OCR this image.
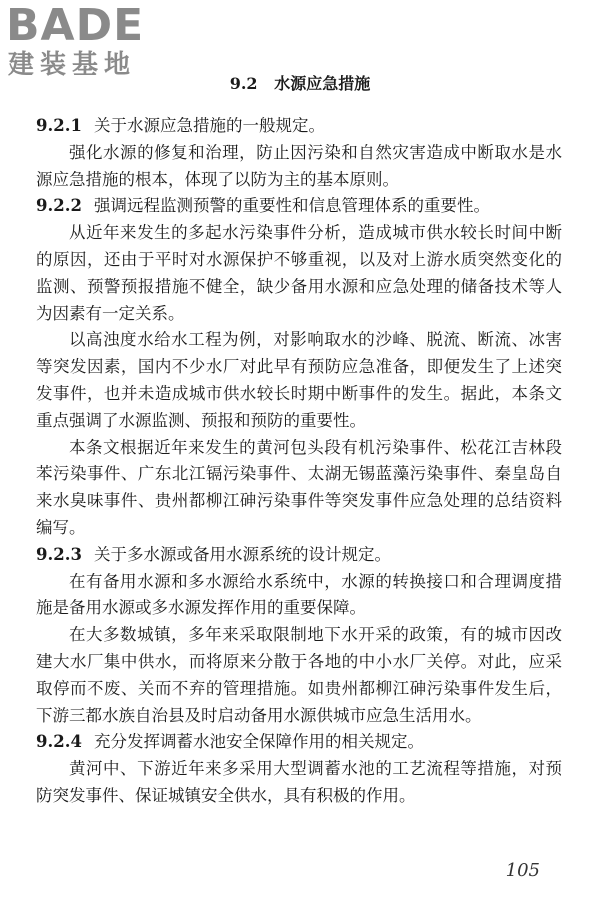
BADE
建装基地
9.2 水源应急措施

9.2.1 关于水源应急措施的一般规定。

强化水源的修复和治理，防止因污染和自然灾害造成中断取水是水源应急措施的根本，体现了以防为主的基本原则。

9.2.2 强调远程监测预警的重要性和信息管理体系的重要性。

从近年来发生的多起水污染事件分析，造成城市供水较长时间中断的原因，还由于平时对水源保护不够重视，以及对上游水质突然变化的监测、预警预报措施不健全，缺少备用水源和应急处理的储备技术等人为因素有一定关系。

以高浊度水给水工程为例，对影响取水的沙峰、脱流、断流、冰害等突发因素，国内不少水厂对此早有预防应急准备，即便发生了上述突发事件，也并未造成城市供水较长时期中断事件的发生。据此，本条文重点强调了水源监测、预报和预防的重要性。

本条文根据近年来发生的黄河包头段有机污染事件、松花江吉林段苯污染事件、广东北江镉污染事件、太湖无锡蓝藻污染事件、秦皇岛自来水臭味事件、贵州都柳江砷污染事件等突发事件应急处理的总结资料编写。

9.2.3 关于多水源或备用水源系统的设计规定。

在有备用水源和多水源给水系统中，水源的转换接口和合理调度措施是备用水源或多水源发挥作用的重要保障。

在大多数城镇，多年来采取限制地下水开采的政策，有的城市因改建大水厂集中供水，而将原来分散于各地的中小水厂关停。对此，应采取停而不废、关而不弃的管理措施。如贵州都柳江砷污染事件发生后，下游三都水族自治县及时启动备用水源供城市应急生活用水。

9.2.4 充分发挥调蓄水池安全保障作用的相关规定。

黄河中、下游近年来多采用大型调蓄水池的工艺流程等措施，对预防突发事件、保证城镇安全供水，具有积极的作用。

105
